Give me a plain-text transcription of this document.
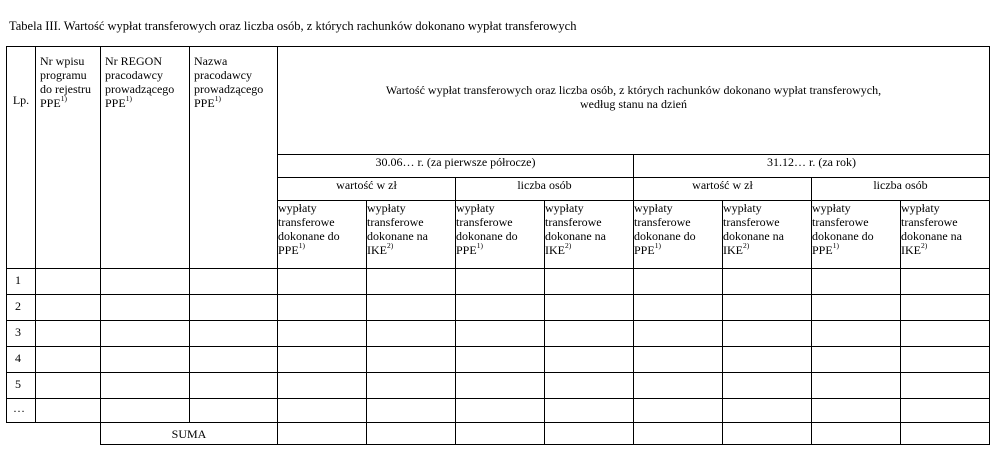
Tabela III. Wartość wypłat transferowych oraz liczba osób, z których rachunków dokonano wypłat transferowych
Lp.	Nr wpisu programu do rejestru PPE$^{1)}$	Nr REGON pracodawcy prowadzącego PPE$^{1)}$	Nazwa pracodawcy prowadzącego PPE$^{1)}$	Wartość wypłat transferowych oraz liczba osób, z których rachunków dokonano wypłat transferowych,
według stanu na dzień							

				30.06… r. (za pierwsze półrocze)				31.12… r. (za rok)			
				wartość w zł		liczba osób		wartość w zł		liczba osób	
				wypłaty transferowe dokonane do PPE$^{1)}$	wypłaty transferowe dokonane na IKE$^{2)}$	wypłaty transferowe dokonane do PPE$^{1)}$	wypłaty transferowe dokonane na IKE$^{2)}$	wypłaty transferowe dokonane do PPE$^{1)}$	wypłaty transferowe dokonane na IKE$^{2)}$	wypłaty transferowe dokonane do PPE$^{1)}$	wypłaty transferowe dokonane na IKE$^{2)}$
1											
2											
3											
4											
5											
…											
		SUMA									
